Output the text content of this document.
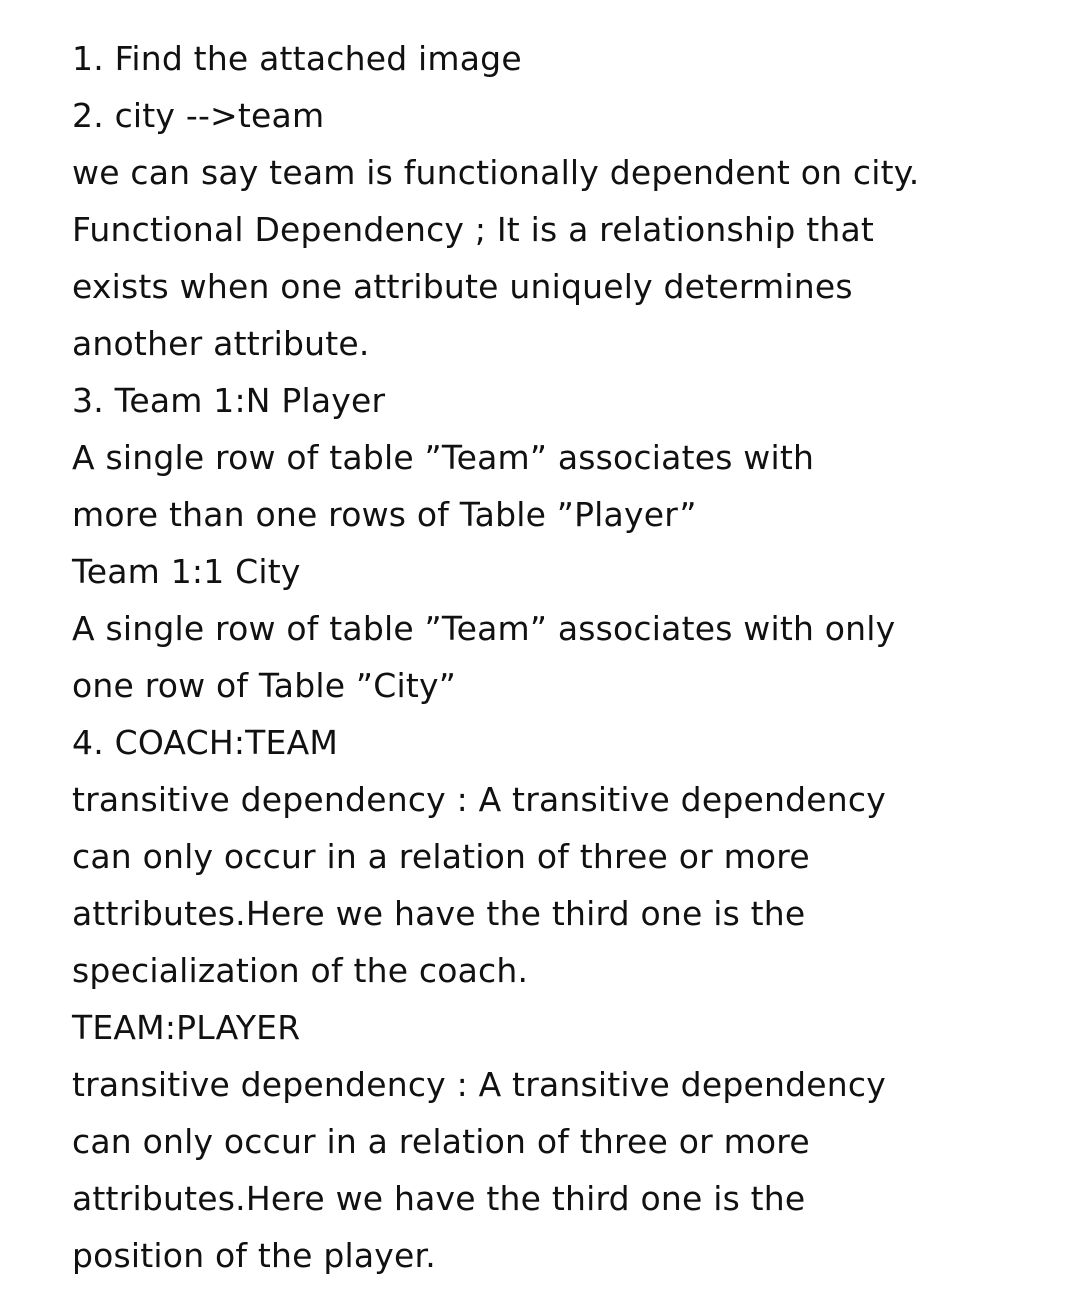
1. Find the attached image
2. city -->team
we can say team is functionally dependent on city.
Functional Dependency ; It is a relationship that
exists when one attribute uniquely determines
another attribute.
3. Team 1:N Player
A single row of table ”Team” associates with
more than one rows of Table ”Player”
Team 1:1 City
A single row of table ”Team” associates with only
one row of Table ”City”
4. COACH:TEAM
transitive dependency : A transitive dependency
can only occur in a relation of three or more
attributes.Here we have the third one is the
specialization of the coach.
TEAM:PLAYER
transitive dependency : A transitive dependency
can only occur in a relation of three or more
attributes.Here we have the third one is the
position of the player.
